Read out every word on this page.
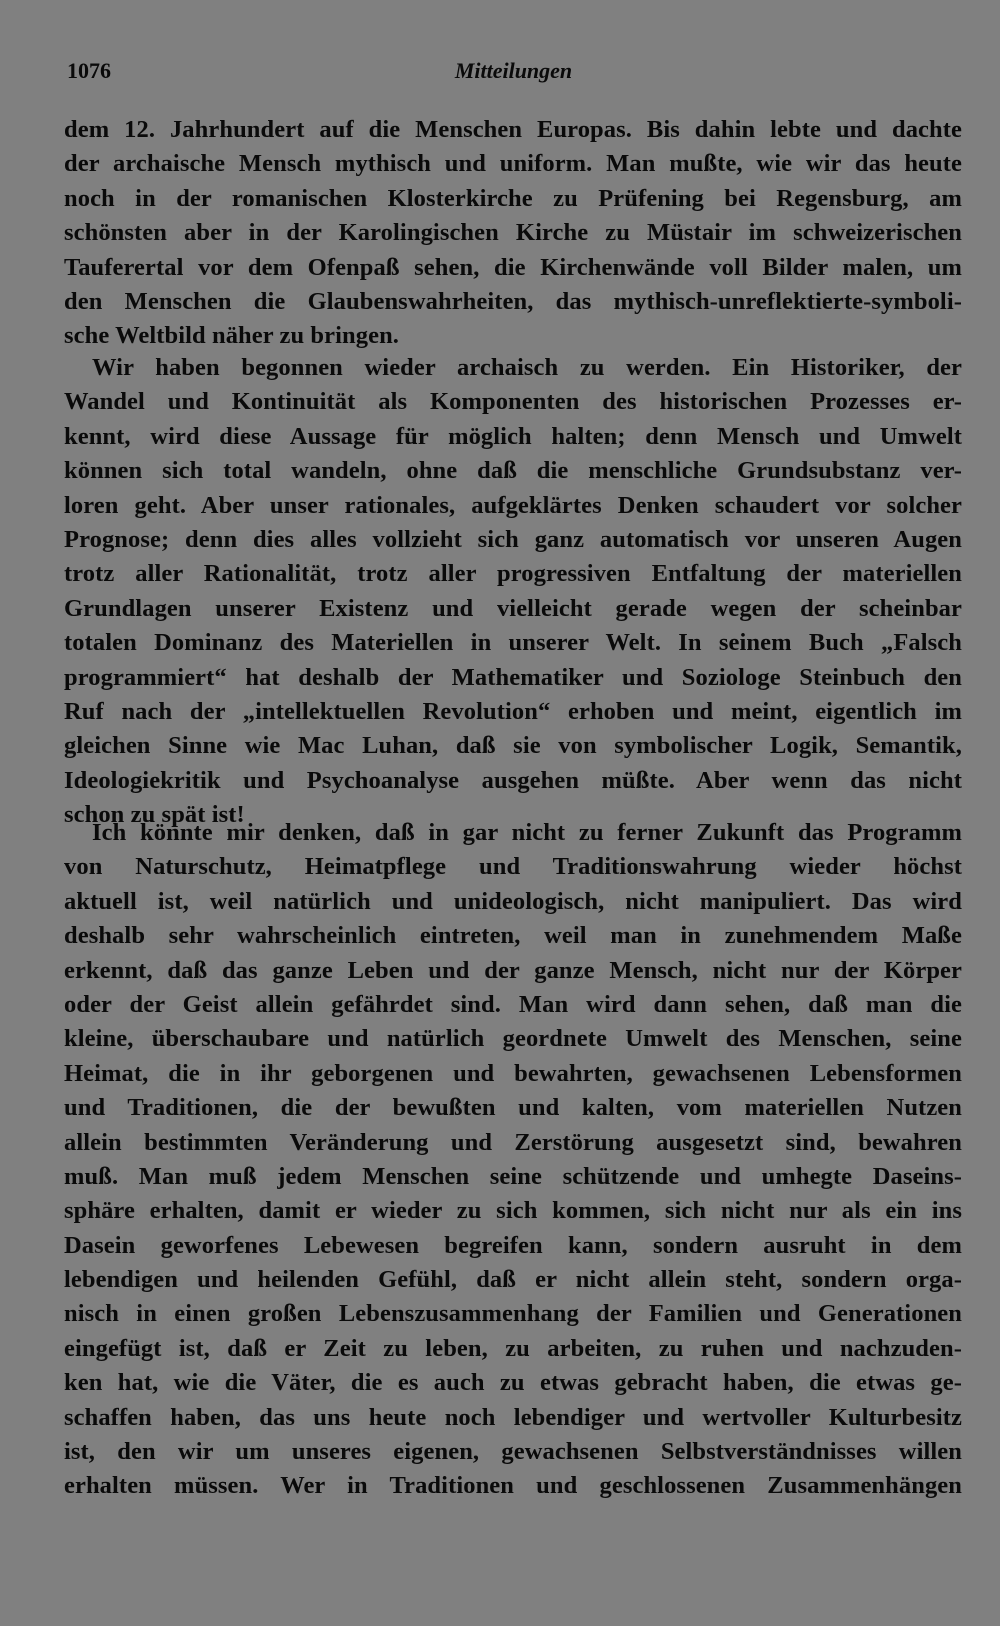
1076	Mitteilungen
dem 12. Jahrhundert auf die Menschen Europas. Bis dahin lebte und dachte
der archaische Mensch mythisch und uniform. Man mußte, wie wir das heute
noch in der romanischen Klosterkirche zu Prüfening bei Regensburg, am
schönsten aber in der Karolingischen Kirche zu Müstair im schweizerischen
Tauferertal vor dem Ofenpaß sehen, die Kirchenwände voll Bilder malen, um
den Menschen die Glaubenswahrheiten, das mythisch-unreflektierte-symboli-
sche Weltbild näher zu bringen.
Wir haben begonnen wieder archaisch zu werden. Ein Historiker, der
Wandel und Kontinuität als Komponenten des historischen Prozesses er-
kennt, wird diese Aussage für möglich halten; denn Mensch und Umwelt
können sich total wandeln, ohne daß die menschliche Grundsubstanz ver-
loren geht. Aber unser rationales, aufgeklärtes Denken schaudert vor solcher
Prognose; denn dies alles vollzieht sich ganz automatisch vor unseren Augen
trotz aller Rationalität, trotz aller progressiven Entfaltung der materiellen
Grundlagen unserer Existenz und vielleicht gerade wegen der scheinbar
totalen Dominanz des Materiellen in unserer Welt. In seinem Buch „Falsch
programmiert“ hat deshalb der Mathematiker und Soziologe Steinbuch den
Ruf nach der „intellektuellen Revolution“ erhoben und meint, eigentlich im
gleichen Sinne wie Mac Luhan, daß sie von symbolischer Logik, Semantik,
Ideologiekritik und Psychoanalyse ausgehen müßte. Aber wenn das nicht
schon zu spät ist!
Ich könnte mir denken, daß in gar nicht zu ferner Zukunft das Programm
von Naturschutz, Heimatpflege und Traditionswahrung wieder höchst
aktuell ist, weil natürlich und unideologisch, nicht manipuliert. Das wird
deshalb sehr wahrscheinlich eintreten, weil man in zunehmendem Maße
erkennt, daß das ganze Leben und der ganze Mensch, nicht nur der Körper
oder der Geist allein gefährdet sind. Man wird dann sehen, daß man die
kleine, überschaubare und natürlich geordnete Umwelt des Menschen, seine
Heimat, die in ihr geborgenen und bewahrten, gewachsenen Lebensformen
und Traditionen, die der bewußten und kalten, vom materiellen Nutzen
allein bestimmten Veränderung und Zerstörung ausgesetzt sind, bewahren
muß. Man muß jedem Menschen seine schützende und umhegte Daseins-
sphäre erhalten, damit er wieder zu sich kommen, sich nicht nur als ein ins
Dasein geworfenes Lebewesen begreifen kann, sondern ausruht in dem
lebendigen und heilenden Gefühl, daß er nicht allein steht, sondern orga-
nisch in einen großen Lebenszusammenhang der Familien und Generationen
eingefügt ist, daß er Zeit zu leben, zu arbeiten, zu ruhen und nachzuden-
ken hat, wie die Väter, die es auch zu etwas gebracht haben, die etwas ge-
schaffen haben, das uns heute noch lebendiger und wertvoller Kulturbesitz
ist, den wir um unseres eigenen, gewachsenen Selbstverständnisses willen
erhalten müssen. Wer in Traditionen und geschlossenen Zusammenhängen
